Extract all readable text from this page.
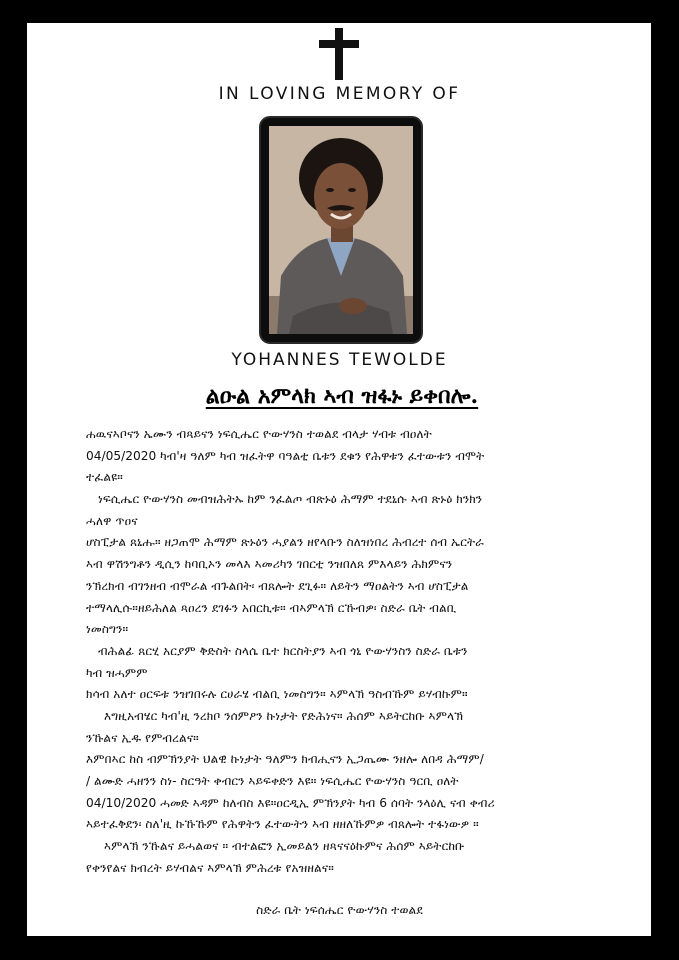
IN LOVING MEMORY OF
YOHANNES TEWOLDE
ልዑል አምላክ ኣብ ዝፋኑ ይቀበሎ.
ሐዉናኣቦናን ኤሙን ብጻይናን ነፍሲሔር ዮውሃንስ ተወልደ ብላታ ሃብቱ ብዐለት
04/05/2020 ካብ'ዛ ዓለም ካብ ዝፈትዋ ባዓልቲ ቤቱን ደቁን የሕዋቱን ፈተውቱን ብሞት
ተፈልዩ።
ነፍሲሔር ዮውሃንስ መብዝሕትኡ ከም ንፈልጦ ብጽኑዕ ሕማም ተደኒሱ ኣብ ጽኑዕ ክንክን
ሓለዋ ጥዐና
ሆስፒታል ጸኒሑ። ዘጋጠሞ ሕማም ጽኑዕን ሓያልን ዘየላቡን ስለዝነበረ ሕብረተ ሰብ ኤርትራ
ኣብ ዋሽንግቶን ዲሲን ከባቢኦን መላእ ኣመሪካን ገበርቲ ንዝበለጸ ምእላይን ሕክምናን
ንኽረክብ ብገንዘብ ብሞራል ብጉልበት፡ ብጸሎት ደጊፉ። ለይትን ማዐልትን ኣብ ሆስፒታል
ተማላሊሱ።ዘይሕለል ጻዐረን ደገፉን አበርኪቱ። ብኣምላኽ ርኹብዎ፡ ስድራ ቤት ብልቢ
ነመስግን።
ብሕልፊ ጸርሂ አርያም ቅድስት ስላሴ ቤተ ክርስትያን ኣብ ጎኒ ዮውሃንስን ስድራ ቤቱን
ካብ ዝሓምም
ክሳብ አለተ ዐርፍቱ ንዝገበሩሉ ርሀራሄ ብልቢ ነመስግን። ኣምላኽ ዓስብኹም ይሃብኩም።
እግዚአብሄር ካብ'ዚ ንረክቦ ንሰምዖን ኩነታት የድሕነና። ሕሰም ኣይትርከቡ ኣምላኽ
ንኹልና ኢዱ የምብረልና።
እምበኣር ከስ ብምኽንያት ህልዊ ኩነታት ዓለምን ክብሒናን ኢጋጤሙ ንዘሎ ለበዳ ሕማም/
/ ልሙድ ሓዘንን ስነ- ስርዓት ቀብርን ኣይፍቀድን እዩ። ነፍሲሔር ዮውሃንስ ዓርቢ ዐለት
04/10/2020 ሓመድ ኣዳም ከለብስ እዩ።ዐርዲኢ ምኽንያት ካብ 6 ሰባት ንላዕሊ ናብ ቀብሪ
ኣይተፈቅደን፡ ስለ'ዚ ኩኹኹም የሕዋትን ፈተውትን ኣብ ዘዘለኹምዎ ብጸሎት ተፋነውዎ ።
ኣምላኽ ንኹልና ይሓልወና ። ብተልፎን ኢመይልን ዘጻናናዕኩምና ሕሰም ኣይትርከቡ
የቀንየልና ክብረት ይሃብልና ኣምላኽ ምሕረቱ የአዝዘልና።
ስድራ ቤት ነፍሰሔር ዮውሃንስ ተወልደ
